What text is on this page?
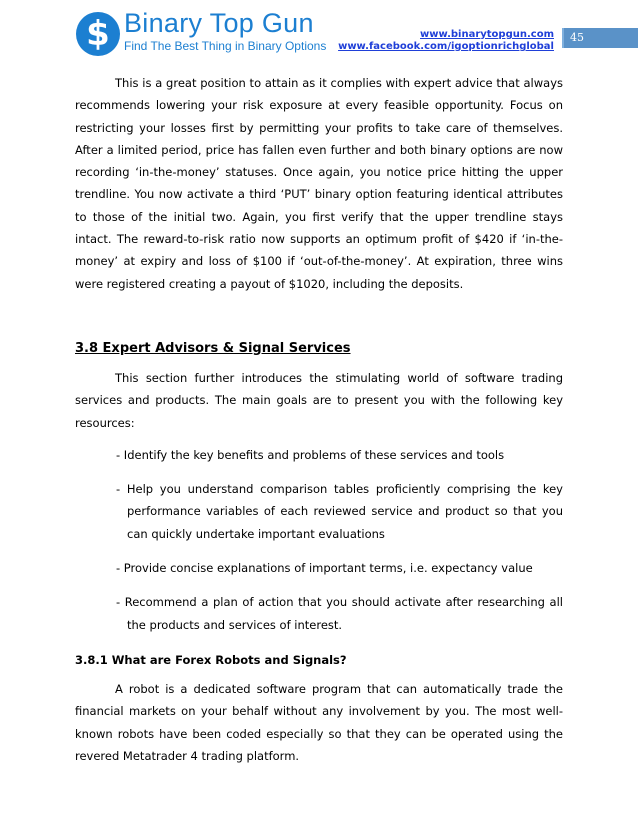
$ Binary Top Gun
Find The Best Thing in Binary Options
www.binarytopgun.com
www.facebook.com/igoptionrichglobal
45

This is a great position to attain as it complies with expert advice that always recommends lowering your risk exposure at every feasible opportunity. Focus on restricting your losses first by permitting your profits to take care of themselves. After a limited period, price has fallen even further and both binary options are now recording ‘in-the-money’ statuses. Once again, you notice price hitting the upper trendline. You now activate a third ‘PUT’ binary option featuring identical attributes to those of the initial two. Again, you first verify that the upper trendline stays intact. The reward-to-risk ratio now supports an optimum profit of $420 if ‘in-the-money’ at expiry and loss of $100 if ‘out-of-the-money’. At expiration, three wins were registered creating a payout of $1020, including the deposits.

3.8 Expert Advisors & Signal Services

This section further introduces the stimulating world of software trading services and products. The main goals are to present you with the following key resources:

- Identify the key benefits and problems of these services and tools
- Help you understand comparison tables proficiently comprising the key performance variables of each reviewed service and product so that you can quickly undertake important evaluations
- Provide concise explanations of important terms, i.e. expectancy value
- Recommend a plan of action that you should activate after researching all the products and services of interest.
3.8.1 What are Forex Robots and Signals?

A robot is a dedicated software program that can automatically trade the financial markets on your behalf without any involvement by you. The most well-known robots have been coded especially so that they can be operated using the revered Metatrader 4 trading platform.
